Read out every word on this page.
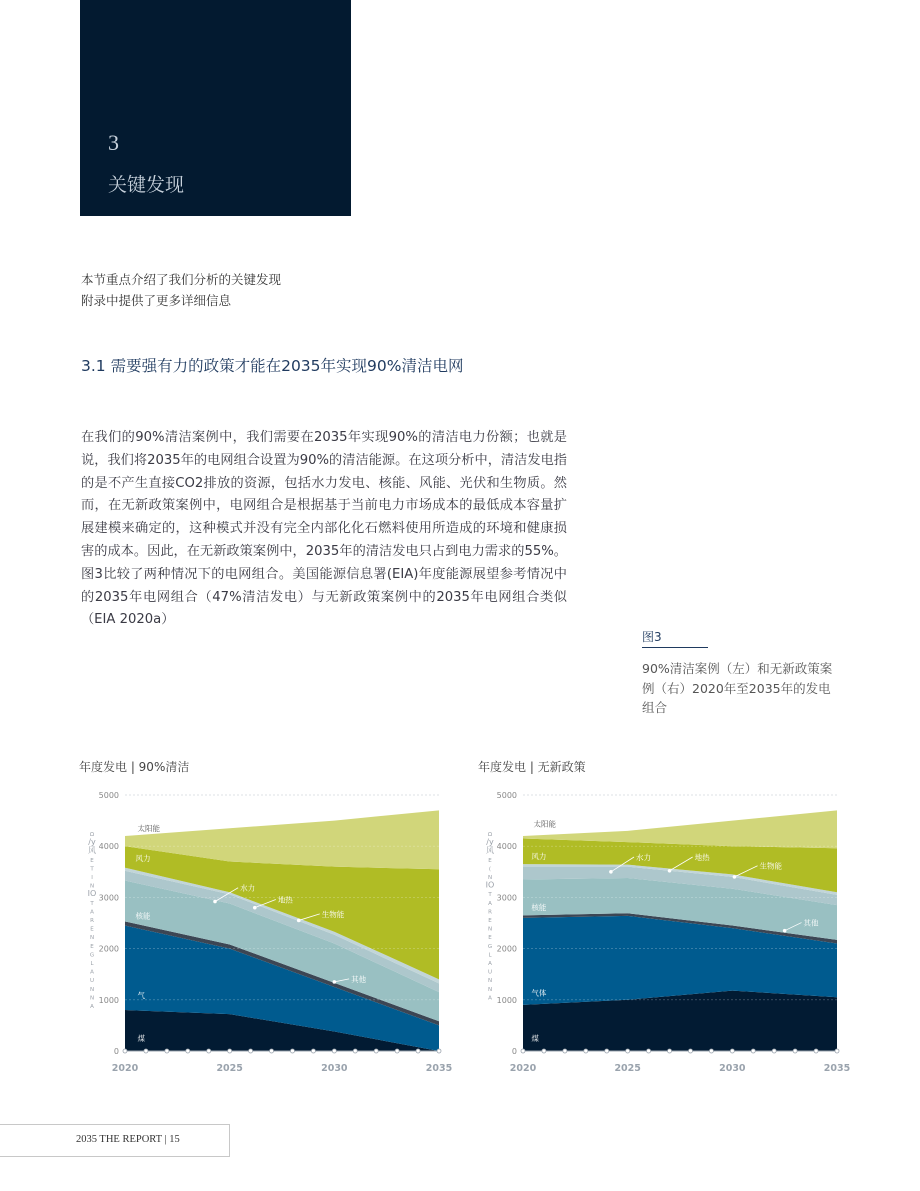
3
关键发现
本节重点介绍了我们分析的关键发现
附录中提供了更多详细信息
3.1 需要强有力的政策才能在2035年实现90%清洁电网
在我们的90%清洁案例中，我们需要在2035年实现90%的清洁电力份额；也就是说，我们将2035年的电网组合设置为90%的清洁能源。在这项分析中，清洁发电指的是不产生直接CO2排放的资源，包括水力发电、核能、风能、光伏和生物质。然而，在无新政策案例中，电网组合是根据基于当前电力市场成本的最低成本容量扩展建模来确定的，这种模式并没有完全内部化化石燃料使用所造成的环境和健康损害的成本。因此，在无新政策案例中，2035年的清洁发电只占到电力需求的55%。图3比较了两种情况下的电网组合。美国能源信息署(EIA)年度能源展望参考情况中的2035年电网组合（47%清洁发电）与无新政策案例中的2035年电网组合类似（EIA 2020a）
图3
90%清洁案例（左）和无新政策案例（右）2020年至2035年的发电组合
年度发电 | 90%清洁	年度发电 | 无新政策
0
1000
2000
3000
4000
5000
2020	2025	2030	2035
Ω
/y
风
E
T
I
N
IO
T
A
R
E
N
E
G
L
A
U
N
N
A
太阳能
风力
核能
气
煤
水力
地热
生物能
其他
0
1000
2000
3000
4000
5000
2020	2025	2030	2035
Ω
/y
风
E
(
N
IO
T
A
R
E
N
E
G
L
A
U
N
N
A
太阳能
风力
核能
气体
煤
水力	地热
生物能
其他
2035 THE REPORT | 15
